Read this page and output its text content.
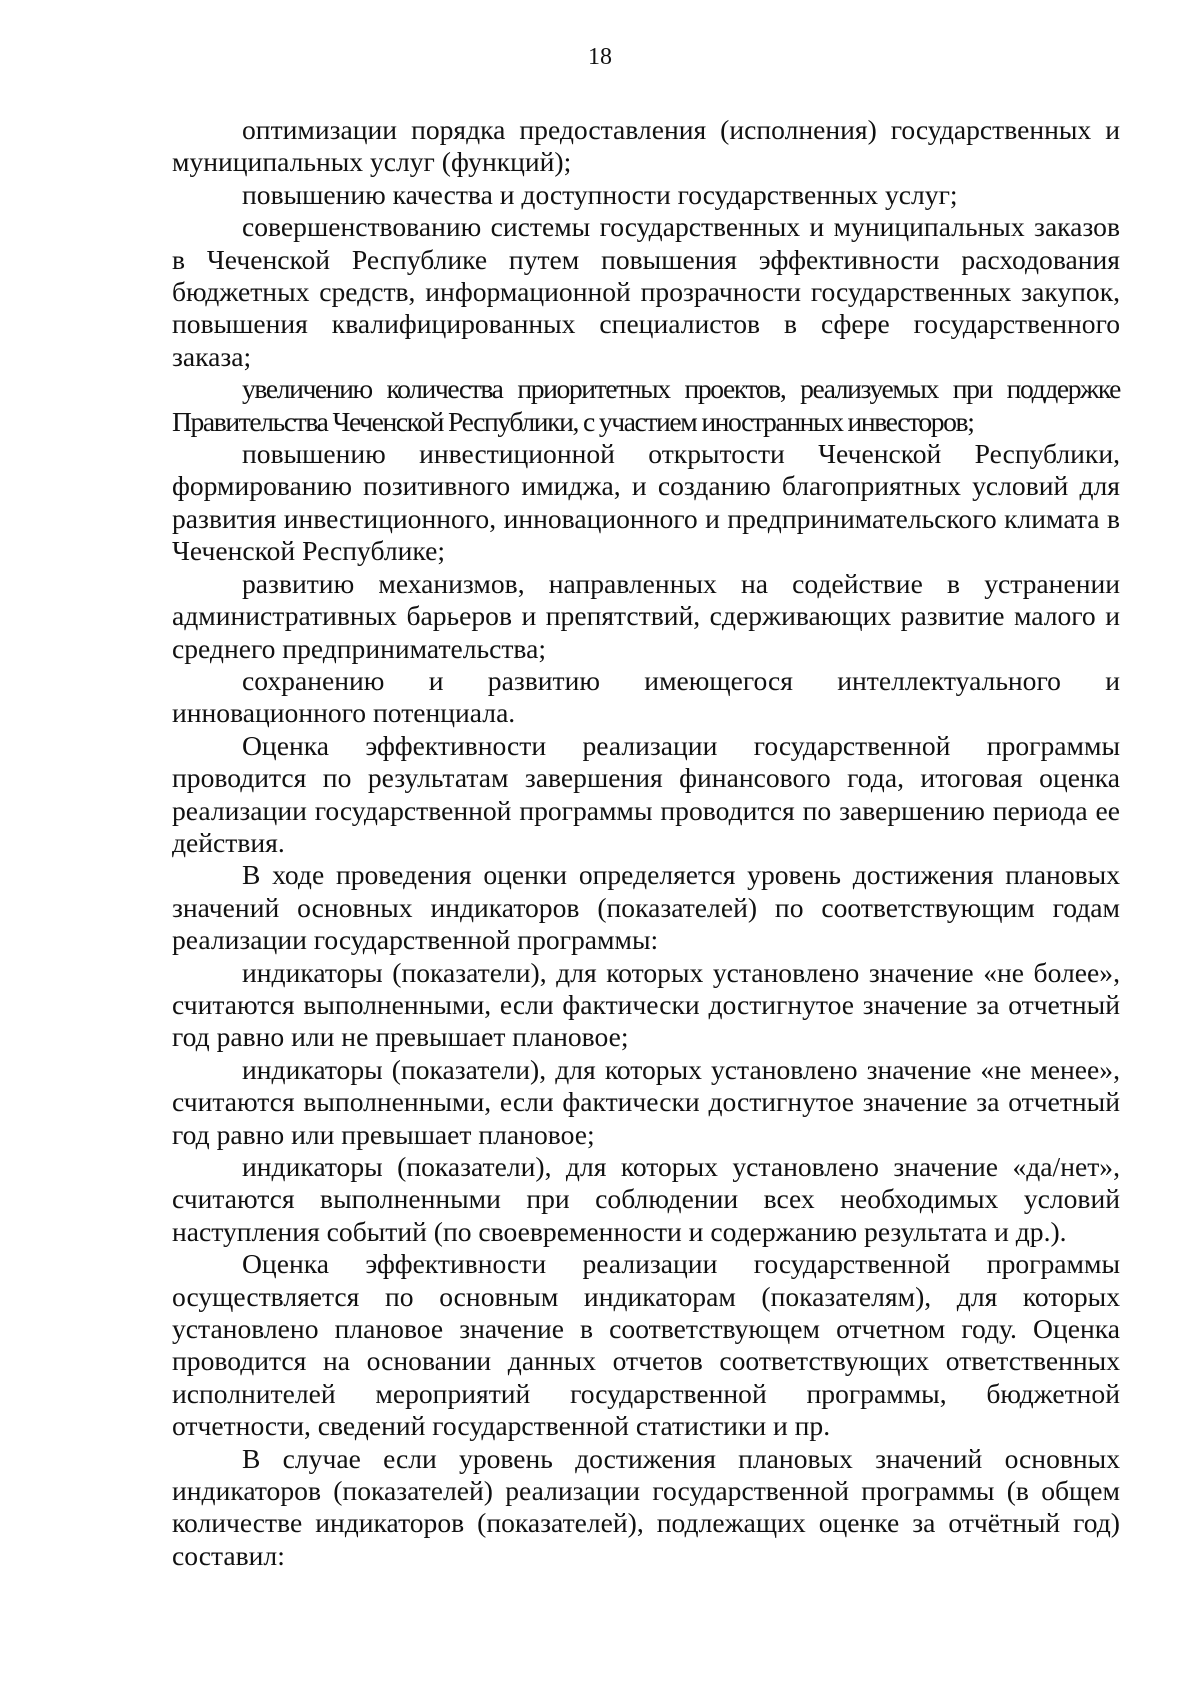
18

оптимизации порядка предоставления (исполнения) государственных и муниципальных услуг (функций);

повышению качества и доступности государственных услуг;

совершенствованию системы государственных и муниципальных заказов в Чеченской Республике путем повышения эффективности расходования бюджетных средств, информационной прозрачности государственных закупок, повышения квалифицированных специалистов в сфере государственного заказа;

увеличению количества приоритетных проектов, реализуемых при поддержке Правительства Чеченской Республики, с участием иностранных инвесторов;

повышению инвестиционной открытости Чеченской Республики, формированию позитивного имиджа, и созданию благоприятных условий для развития инвестиционного, инновационного и предпринимательского климата в Чеченской Республике;

развитию механизмов, направленных на содействие в устранении административных барьеров и препятствий, сдерживающих развитие малого и среднего предпринимательства;

сохранению и развитию имеющегося интеллектуального и инновационного потенциала.

Оценка эффективности реализации государственной программы проводится по результатам завершения финансового года, итоговая оценка реализации государственной программы проводится по завершению периода ее действия.

В ходе проведения оценки определяется уровень достижения плановых значений основных индикаторов (показателей) по соответствующим годам реализации государственной программы:

индикаторы (показатели), для которых установлено значение «не более», считаются выполненными, если фактически достигнутое значение за отчетный год равно или не превышает плановое;

индикаторы (показатели), для которых установлено значение «не менее», считаются выполненными, если фактически достигнутое значение за отчетный год равно или превышает плановое;

индикаторы (показатели), для которых установлено значение «да/нет», считаются выполненными при соблюдении всех необходимых условий наступления событий (по своевременности и содержанию результата и др.).

Оценка эффективности реализации государственной программы осуществляется по основным индикаторам (показателям), для которых установлено плановое значение в соответствующем отчетном году. Оценка проводится на основании данных отчетов соответствующих ответственных исполнителей мероприятий государственной программы, бюджетной отчетности, сведений государственной статистики и пр.

В случае если уровень достижения плановых значений основных индикаторов (показателей) реализации государственной программы (в общем количестве индикаторов (показателей), подлежащих оценке за отчётный год) составил:
